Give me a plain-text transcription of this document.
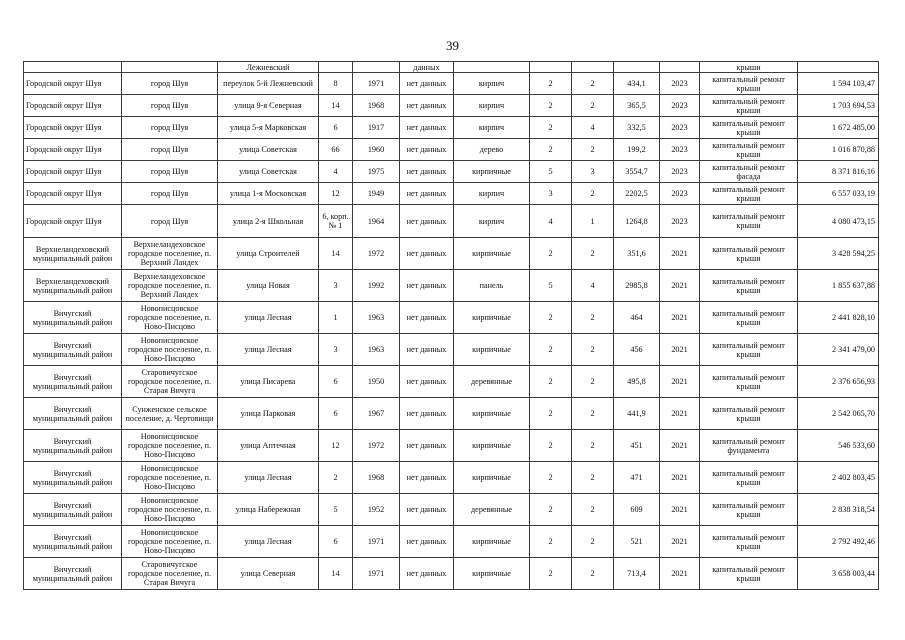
39
		Лежневский			данных						крыши	
Городской округ Шуя	город Шуя	переулок 5-й Лежневский	8	1971	нет данных	кирпич	2	2	434,1	2023	капитальный ремонт крыши	1 594 103,47
Городской округ Шуя	город Шуя	улица 9-я Северная	14	1968	нет данных	кирпич	2	2	365,5	2023	капитальный ремонт крыши	1 703 694,53
Городской округ Шуя	город Шуя	улица 5-я Марковская	6	1917	нет данных	кирпич	2	4	332,5	2023	капитальный ремонт крыши	1 672 485,00
Городской округ Шуя	город Шуя	улица Советская	66	1960	нет данных	дерево	2	2	199,2	2023	капитальный ремонт крыши	1 016 870,88
Городской округ Шуя	город Шуя	улица Советская	4	1975	нет данных	кирпичные	5	3	3554,7	2023	капитальный ремонт фасада	8 371 816,16
Городской округ Шуя	город Шуя	улица 1-я Московская	12	1949	нет данных	кирпич	3	2	2202,5	2023	капитальный ремонт крыши	6 557 033,19
Городской округ Шуя	город Шуя	улица 2-я Школьная	6, корп. № 1	1964	нет данных	кирпич	4	1	1264,8	2023	капитальный ремонт крыши	4 080 473,15
Верхнеландеховский муниципальный район	Верхнеландеховское городское поселение, п. Верхний Ландех	улица Строителей	14	1972	нет данных	кирпичные	2	2	351,6	2021	капитальный ремонт крыши	3 428 594,25
Верхнеландеховский муниципальный район	Верхнеландеховское городское поселение, п. Верхний Ландех	улица Новая	3	1992	нет данных	панель	5	4	2985,8	2021	капитальный ремонт крыши	1 855 637,88
Вичугский муниципальный район	Новописцовское городское поселение, п. Ново-Писцово	улица Лесная	1	1963	нет данных	кирпичные	2	2	464	2021	капитальный ремонт крыши	2 441 828,10
Вичугский муниципальный район	Новописцовское городское поселение, п. Ново-Писцово	улица Лесная	3	1963	нет данных	кирпичные	2	2	456	2021	капитальный ремонт крыши	2 341 479,00
Вичугский муниципальный район	Старовичугское городское поселение, п. Старая Вичуга	улица Писарева	6	1950	нет данных	деревянные	2	2	495,8	2021	капитальный ремонт крыши	2 376 656,93
Вичугский муниципальный район	Сунженское сельское поселение, д. Чертовищи	улица Парковая	6	1967	нет данных	кирпичные	2	2	441,9	2021	капитальный ремонт крыши	2 542 065,70
Вичугский муниципальный район	Новописцовское городское поселение, п. Ново-Писцово	улица Аптечная	12	1972	нет данных	кирпичные	2	2	451	2021	капитальный ремонт фундамента	546 533,60
Вичугский муниципальный район	Новописцовское городское поселение, п. Ново-Писцово	улица Лесная	2	1968	нет данных	кирпичные	2	2	471	2021	капитальный ремонт крыши	2 402 803,45
Вичугский муниципальный район	Новописцовское городское поселение, п. Ново-Писцово	улица Набережная	5	1952	нет данных	деревянные	2	2	609	2021	капитальный ремонт крыши	2 838 318,54
Вичугский муниципальный район	Новописцовское городское поселение, п. Ново-Писцово	улица Лесная	6	1971	нет данных	кирпичные	2	2	521	2021	капитальный ремонт крыши	2 792 492,46
Вичугский муниципальный район	Старовичугское городское поселение, п. Старая Вичуга	улица Северная	14	1971	нет данных	кирпичные	2	2	713,4	2021	капитальный ремонт крыши	3 658 003,44
